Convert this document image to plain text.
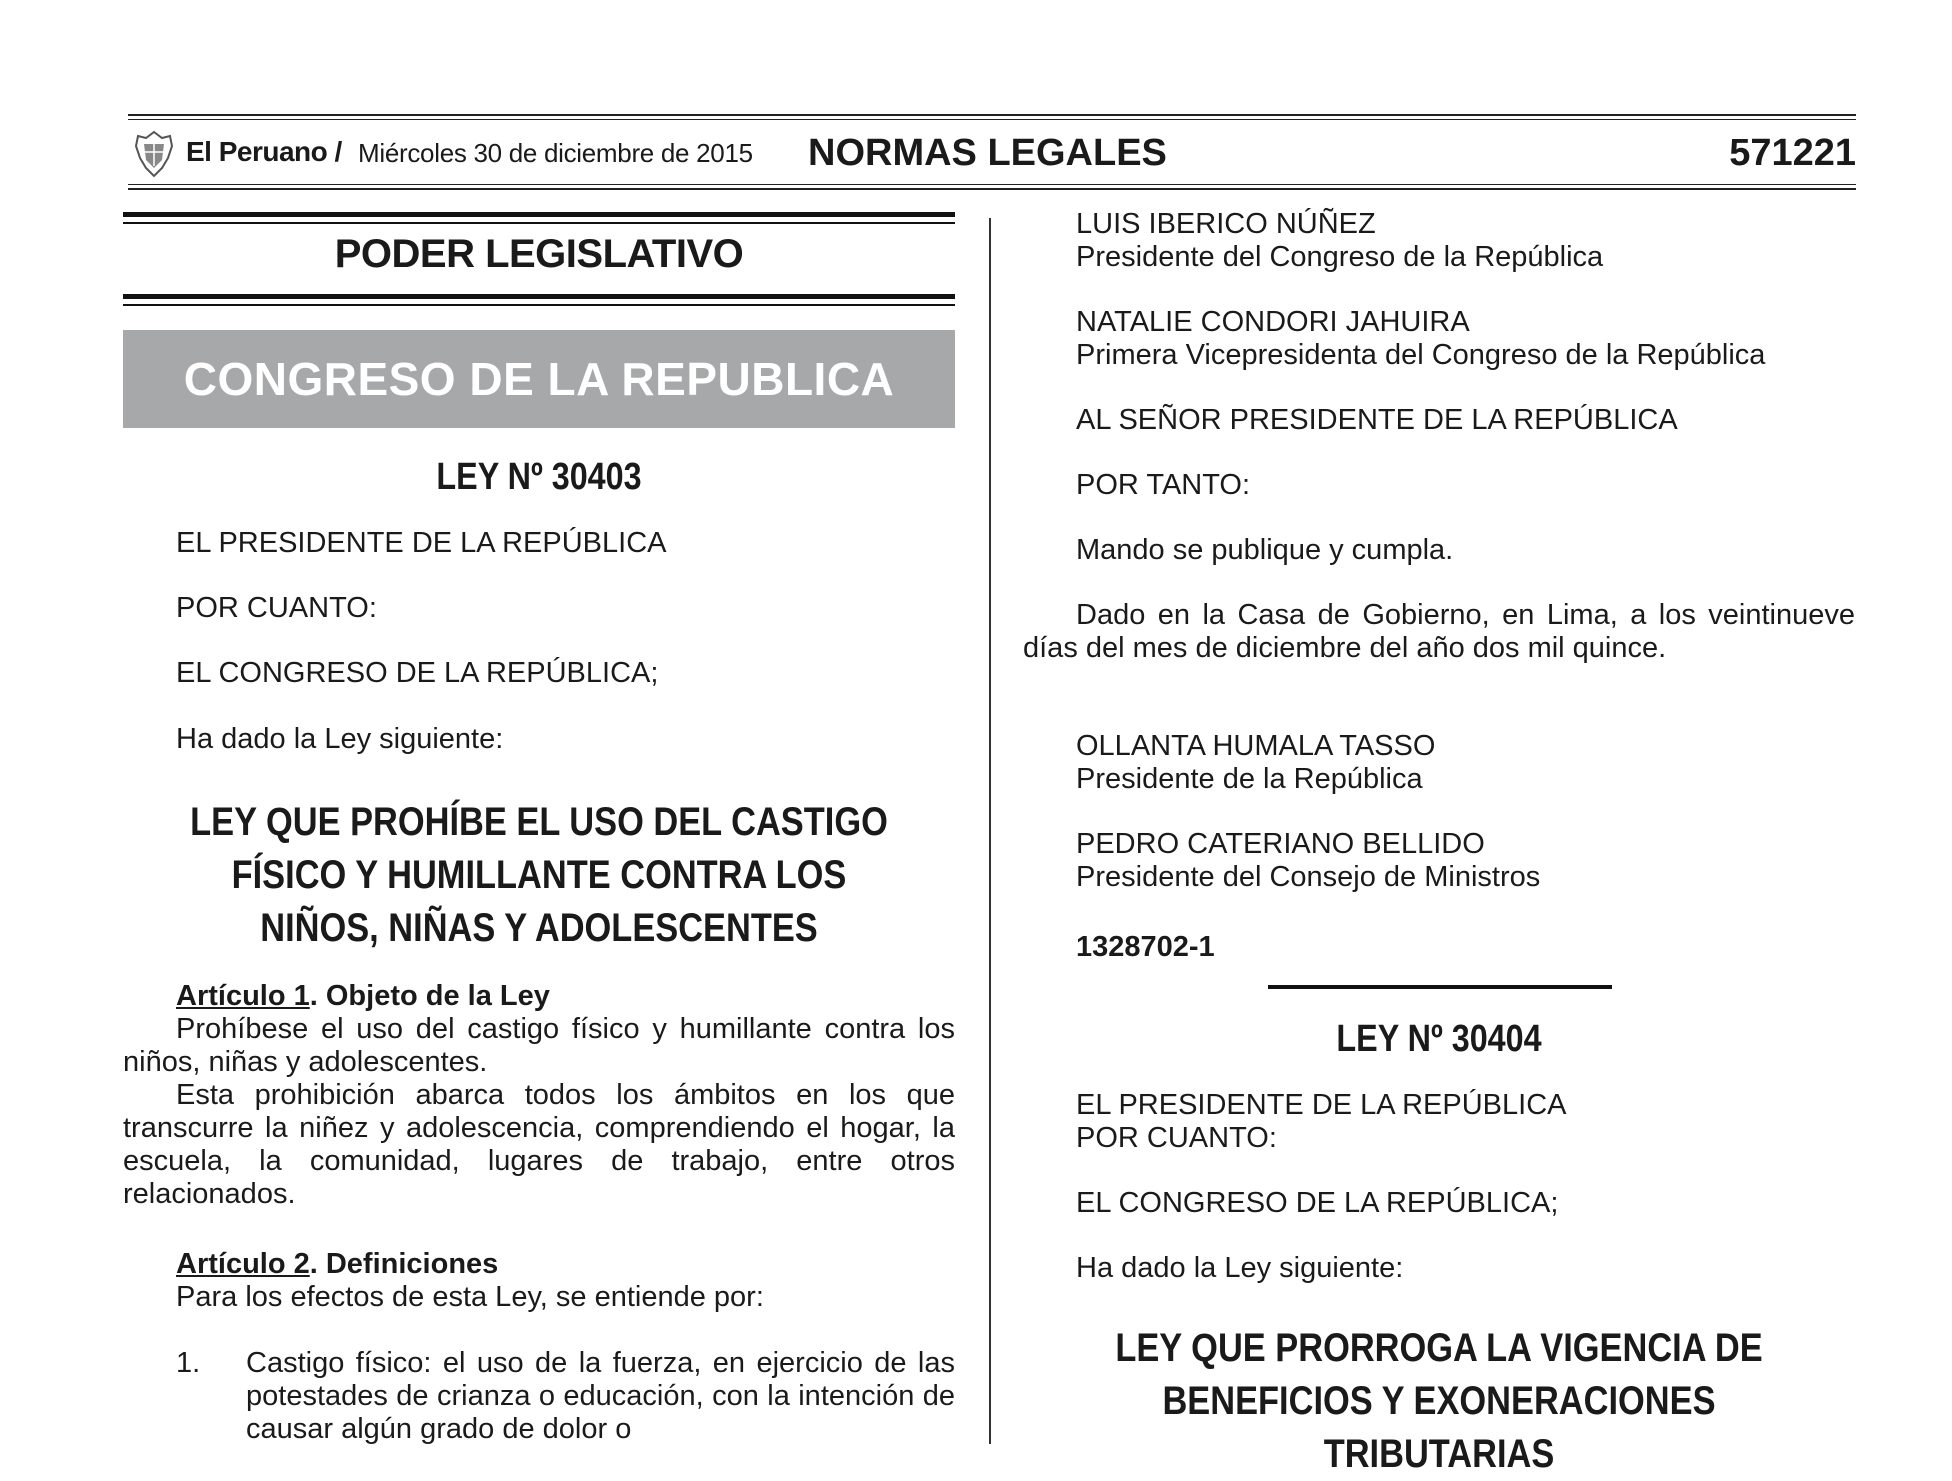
El Peruano / Miércoles 30 de diciembre de 2015 NORMAS LEGALES	571221
PODER LEGISLATIVO
CONGRESO DE LA REPUBLICA
LEY Nº 30403
EL PRESIDENTE DE LA REPÚBLICA
POR CUANTO:
EL CONGRESO DE LA REPÚBLICA;
Ha dado la Ley siguiente:
LEY QUE PROHÍBE EL USO DEL CASTIGO
FÍSICO Y HUMILLANTE CONTRA LOS
NIÑOS, NIÑAS Y ADOLESCENTES
Artículo 1. Objeto de la Ley

Prohíbese el uso del castigo físico y humillante contra los niños, niñas y adolescentes.

Esta prohibición abarca todos los ámbitos en los que transcurre la niñez y adolescencia, comprendiendo el hogar, la escuela, la comunidad, lugares de trabajo, entre otros relacionados.

Artículo 2. Definiciones
Para los efectos de esta Ley, se entiende por:
1. Castigo físico: el uso de la fuerza, en ejercicio de las potestades de crianza o educación, con la intención de causar algún grado de dolor o
LUIS IBERICO NÚÑEZ
Presidente del Congreso de la República
NATALIE CONDORI JAHUIRA
Primera Vicepresidenta del Congreso de la República
AL SEÑOR PRESIDENTE DE LA REPÚBLICA
POR TANTO:
Mando se publique y cumpla.

Dado en la Casa de Gobierno, en Lima, a los veintinueve días del mes de diciembre del año dos mil quince.

OLLANTA HUMALA TASSO
Presidente de la República
PEDRO CATERIANO BELLIDO
Presidente del Consejo de Ministros
1328702-1
LEY Nº 30404
EL PRESIDENTE DE LA REPÚBLICA
POR CUANTO:
EL CONGRESO DE LA REPÚBLICA;
Ha dado la Ley siguiente:
LEY QUE PRORROGA LA VIGENCIA DE
BENEFICIOS Y EXONERACIONES TRIBUTARIAS
